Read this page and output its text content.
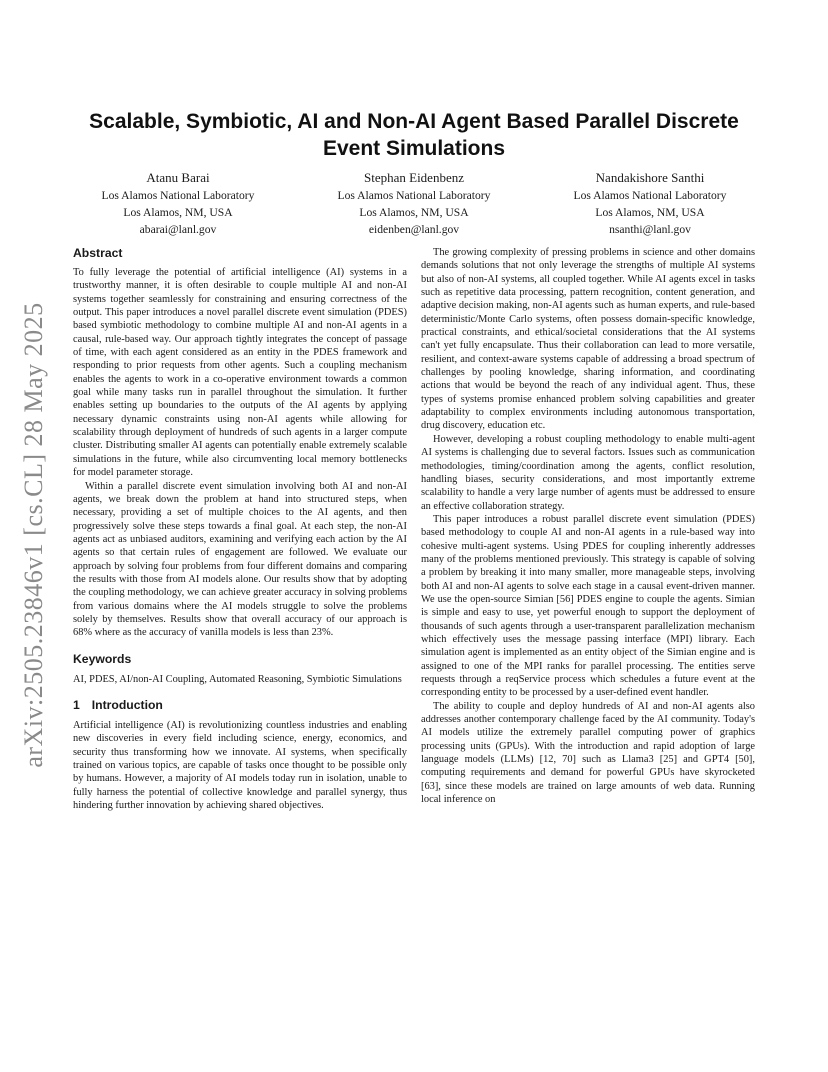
arXiv:2505.23846v1 [cs.CL] 28 May 2025
Scalable, Symbiotic, AI and Non-AI Agent Based Parallel Discrete Event Simulations
Atanu Barai
Los Alamos National Laboratory
Los Alamos, NM, USA
abarai@lanl.gov
Stephan Eidenbenz
Los Alamos National Laboratory
Los Alamos, NM, USA
eidenben@lanl.gov
Nandakishore Santhi
Los Alamos National Laboratory
Los Alamos, NM, USA
nsanthi@lanl.gov
Abstract

To fully leverage the potential of artificial intelligence (AI) systems in a trustworthy manner, it is often desirable to couple multiple AI and non-AI systems together seamlessly for constraining and ensuring correctness of the output. This paper introduces a novel parallel discrete event simulation (PDES) based symbiotic methodology to combine multiple AI and non-AI agents in a causal, rule-based way. Our approach tightly integrates the concept of passage of time, with each agent considered as an entity in the PDES framework and responding to prior requests from other agents. Such a coupling mechanism enables the agents to work in a co-operative environment towards a common goal while many tasks run in parallel throughout the simulation. It further enables setting up boundaries to the outputs of the AI agents by applying necessary dynamic constraints using non-AI agents while allowing for scalability through deployment of hundreds of such agents in a larger compute cluster. Distributing smaller AI agents can potentially enable extremely scalable simulations in the future, while also circumventing local memory bottlenecks for model parameter storage.

Within a parallel discrete event simulation involving both AI and non-AI agents, we break down the problem at hand into structured steps, when necessary, providing a set of multiple choices to the AI agents, and then progressively solve these steps towards a final goal. At each step, the non-AI agents act as unbiased auditors, examining and verifying each action by the AI agents so that certain rules of engagement are followed. We evaluate our approach by solving four problems from four different domains and comparing the results with those from AI models alone. Our results show that by adopting the coupling methodology, we can achieve greater accuracy in solving problems from various domains where the AI models struggle to solve the problems solely by themselves. Results show that overall accuracy of our approach is 68% where as the accuracy of vanilla models is less than 23%.

Keywords

AI, PDES, AI/non-AI Coupling, Automated Reasoning, Symbiotic Simulations

1 Introduction

Artificial intelligence (AI) is revolutionizing countless industries and enabling new discoveries in every field including science, energy, economics, and security thus transforming how we innovate. AI systems, when specifically trained on various topics, are capable of tasks once thought to be possible only by humans. However, a majority of AI models today run in isolation, unable to fully harness the potential of collective knowledge and parallel synergy, thus hindering further innovation by achieving shared objectives.

The growing complexity of pressing problems in science and other domains demands solutions that not only leverage the strengths of multiple AI systems but also of non-AI systems, all coupled together. While AI agents excel in tasks such as repetitive data processing, pattern recognition, content generation, and adaptive decision making, non-AI agents such as human experts, and rule-based deterministic/Monte Carlo systems, often possess domain-specific knowledge, practical constraints, and ethical/societal considerations that the AI systems can't yet fully encapsulate. Thus their collaboration can lead to more versatile, resilient, and context-aware systems capable of addressing a broad spectrum of challenges by pooling knowledge, sharing information, and coordinating actions that would be beyond the reach of any individual agent. Thus, these types of systems promise enhanced problem solving capabilities and greater adaptability to complex environments including autonomous transportation, drug discovery, education etc.

However, developing a robust coupling methodology to enable multi-agent AI systems is challenging due to several factors. Issues such as communication methodologies, timing/coordination among the agents, conflict resolution, handling biases, security considerations, and most importantly extreme scalability to handle a very large number of agents must be addressed to ensure an effective collaboration strategy.

This paper introduces a robust parallel discrete event simulation (PDES) based methodology to couple AI and non-AI agents in a rule-based way into cohesive multi-agent systems. Using PDES for coupling inherently addresses many of the problems mentioned previously. This strategy is capable of solving a problem by breaking it into many smaller, more manageable steps, involving both AI and non-AI agents to solve each stage in a causal event-driven manner. We use the open-source Simian [56] PDES engine to couple the agents. Simian is simple and easy to use, yet powerful enough to support the deployment of thousands of such agents through a user-transparent parallelization mechanism which effectively uses the message passing interface (MPI) library. Each simulation agent is implemented as an entity object of the Simian engine and is assigned to one of the MPI ranks for parallel processing. The entities serve requests through a reqService process which schedules a future event at the corresponding entity to be processed by a user-defined event handler.

The ability to couple and deploy hundreds of AI and non-AI agents also addresses another contemporary challenge faced by the AI community. Today's AI models utilize the extremely parallel computing power of graphics processing units (GPUs). With the introduction and rapid adoption of large language models (LLMs) [12, 70] such as Llama3 [25] and GPT4 [50], computing requirements and demand for powerful GPUs have skyrocketed [63], since these models are trained on large amounts of web data. Running local inference on
